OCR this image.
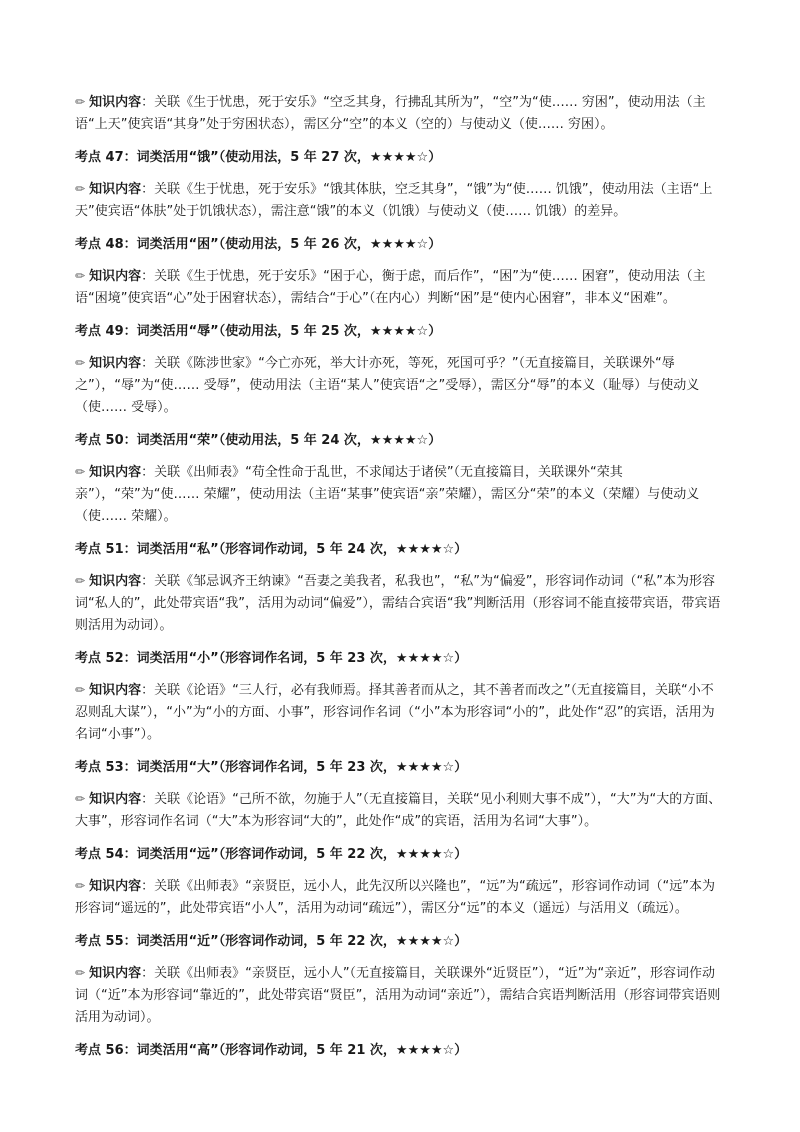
✏ 知识内容：关联《生于忧患，死于安乐》“空乏其身，行拂乱其所为”，“空”为“使…… 穷困”，使动用法（主语“上天”使宾语“其身”处于穷困状态），需区分“空”的本义（空的）与使动义（使…… 穷困）。

考点 47：词类活用“饿”（使动用法，5 年 27 次，★★★★☆）

✏ 知识内容：关联《生于忧患，死于安乐》“饿其体肤，空乏其身”，“饿”为“使…… 饥饿”，使动用法（主语“上天”使宾语“体肤”处于饥饿状态），需注意“饿”的本义（饥饿）与使动义（使…… 饥饿）的差异。

考点 48：词类活用“困”（使动用法，5 年 26 次，★★★★☆）

✏ 知识内容：关联《生于忧患，死于安乐》“困于心，衡于虑，而后作”，“困”为“使…… 困窘”，使动用法（主语“困境”使宾语“心”处于困窘状态），需结合“于心”（在内心）判断“困”是“使内心困窘”，非本义“困难”。

考点 49：词类活用“辱”（使动用法，5 年 25 次，★★★★☆）

✏ 知识内容：关联《陈涉世家》“今亡亦死，举大计亦死，等死，死国可乎？”（无直接篇目，关联课外“辱之”），“辱”为“使…… 受辱”，使动用法（主语“某人”使宾语“之”受辱），需区分“辱”的本义（耻辱）与使动义（使…… 受辱）。

考点 50：词类活用“荣”（使动用法，5 年 24 次，★★★★☆）

✏ 知识内容：关联《出师表》“苟全性命于乱世，不求闻达于诸侯”（无直接篇目，关联课外“荣其亲”），“荣”为“使…… 荣耀”，使动用法（主语“某事”使宾语“亲”荣耀），需区分“荣”的本义（荣耀）与使动义（使…… 荣耀）。

考点 51：词类活用“私”（形容词作动词，5 年 24 次，★★★★☆）

✏ 知识内容：关联《邹忌讽齐王纳谏》“吾妻之美我者，私我也”，“私”为“偏爱”，形容词作动词（“私”本为形容词“私人的”，此处带宾语“我”，活用为动词“偏爱”），需结合宾语“我”判断活用（形容词不能直接带宾语，带宾语则活用为动词）。

考点 52：词类活用“小”（形容词作名词，5 年 23 次，★★★★☆）

✏ 知识内容：关联《论语》“三人行，必有我师焉。择其善者而从之，其不善者而改之”（无直接篇目，关联“小不忍则乱大谋”），“小”为“小的方面、小事”，形容词作名词（“小”本为形容词“小的”，此处作“忍”的宾语，活用为名词“小事”）。

考点 53：词类活用“大”（形容词作名词，5 年 23 次，★★★★☆）

✏ 知识内容：关联《论语》“己所不欲，勿施于人”（无直接篇目，关联“见小利则大事不成”），“大”为“大的方面、大事”，形容词作名词（“大”本为形容词“大的”，此处作“成”的宾语，活用为名词“大事”）。

考点 54：词类活用“远”（形容词作动词，5 年 22 次，★★★★☆）

✏ 知识内容：关联《出师表》“亲贤臣，远小人，此先汉所以兴隆也”，“远”为“疏远”，形容词作动词（“远”本为形容词“遥远的”，此处带宾语“小人”，活用为动词“疏远”），需区分“远”的本义（遥远）与活用义（疏远）。

考点 55：词类活用“近”（形容词作动词，5 年 22 次，★★★★☆）

✏ 知识内容：关联《出师表》“亲贤臣，远小人”（无直接篇目，关联课外“近贤臣”），“近”为“亲近”，形容词作动词（“近”本为形容词“靠近的”，此处带宾语“贤臣”，活用为动词“亲近”），需结合宾语判断活用（形容词带宾语则活用为动词）。

考点 56：词类活用“高”（形容词作动词，5 年 21 次，★★★★☆）
